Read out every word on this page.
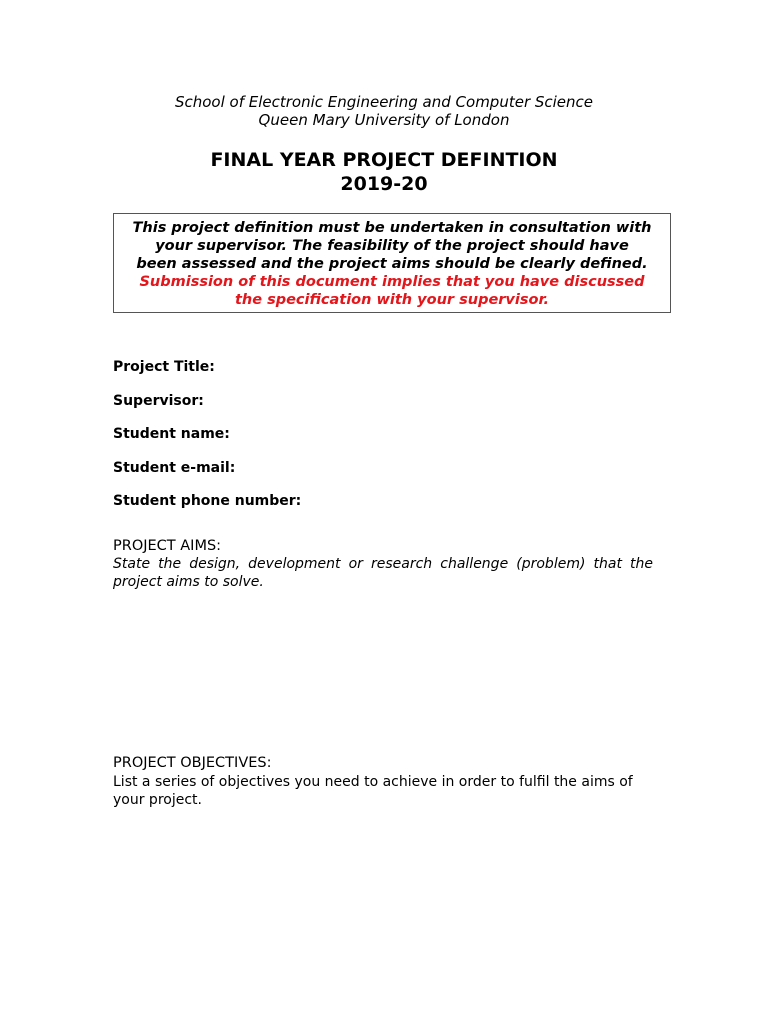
School of Electronic Engineering and Computer Science
Queen Mary University of London
FINAL YEAR PROJECT DEFINTION
2019-20
This project definition must be undertaken in consultation with
your supervisor. The feasibility of the project should have
been assessed and the project aims should be clearly defined.
Submission of this document implies that you have discussed
the specification with your supervisor.
Project Title:
Supervisor:
Student name:
Student e-mail:
Student phone number:
PROJECT AIMS:
State the design, development or research challenge (problem) that the project aims to solve.
PROJECT OBJECTIVES:
List a series of objectives you need to achieve in order to fulfil the aims of your project.
